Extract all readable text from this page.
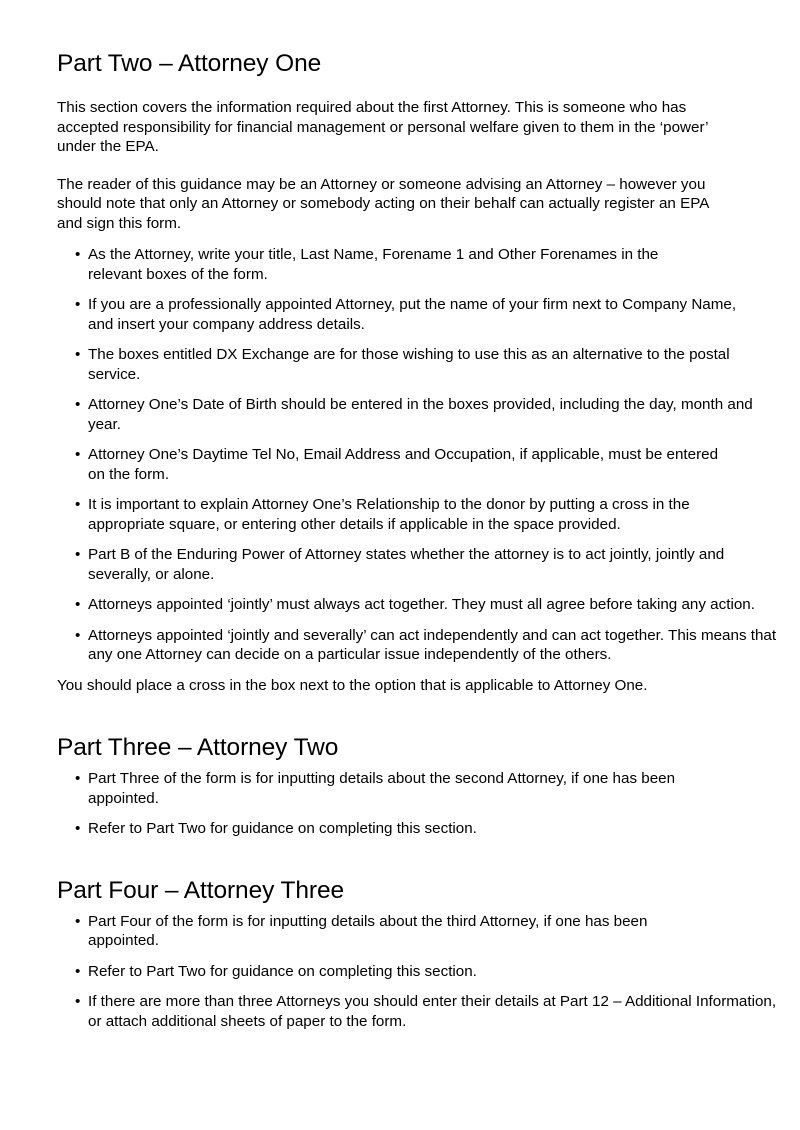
Part Two – Attorney One

This section covers the information required about the first Attorney. This is someone who has accepted responsibility for financial management or personal welfare given to them in the ‘power’ under the EPA.

The reader of this guidance may be an Attorney or someone advising an Attorney – however you should note that only an Attorney or somebody acting on their behalf can actually register an EPA and sign this form.

• As the Attorney, write your title, Last Name, Forename 1 and Other Forenames in the relevant boxes of the form.
• If you are a professionally appointed Attorney, put the name of your firm next to Company Name, and insert your company address details.
• The boxes entitled DX Exchange are for those wishing to use this as an alternative to the postal service.
• Attorney One’s Date of Birth should be entered in the boxes provided, including the day, month and year.
• Attorney One’s Daytime Tel No, Email Address and Occupation, if applicable, must be entered on the form.
• It is important to explain Attorney One’s Relationship to the donor by putting a cross in the appropriate square, or entering other details if applicable in the space provided.
• Part B of the Enduring Power of Attorney states whether the attorney is to act jointly, jointly and severally, or alone.
• Attorneys appointed ‘jointly’ must always act together. They must all agree before taking any action.
• Attorneys appointed ‘jointly and severally’ can act independently and can act together. This means that any one Attorney can decide on a particular issue independently of the others.

You should place a cross in the box next to the option that is applicable to Attorney One.

Part Three – Attorney Two
• Part Three of the form is for inputting details about the second Attorney, if one has been appointed.
• Refer to Part Two for guidance on completing this section.
Part Four – Attorney Three
• Part Four of the form is for inputting details about the third Attorney, if one has been appointed.
• Refer to Part Two for guidance on completing this section.
• If there are more than three Attorneys you should enter their details at Part 12 – Additional Information, or attach additional sheets of paper to the form.
